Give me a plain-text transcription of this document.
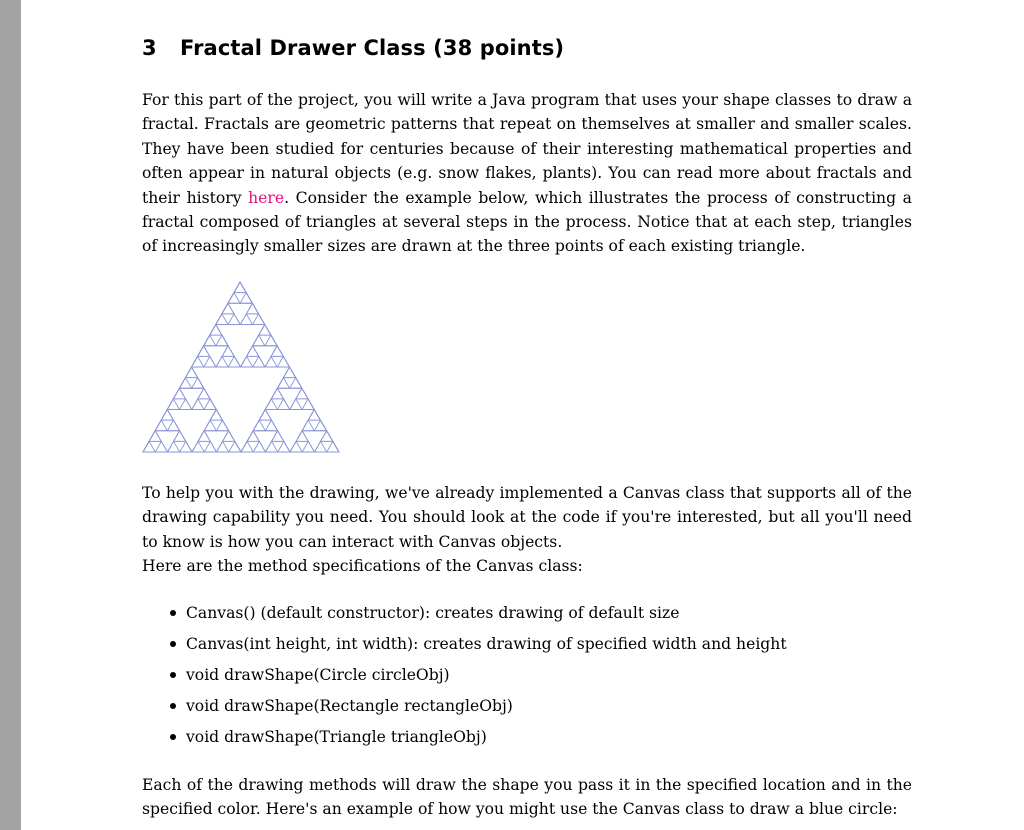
3 Fractal Drawer Class (38 points)

For this part of the project, you will write a Java program that uses your shape classes to draw a fractal. Fractals are geometric patterns that repeat on themselves at smaller and smaller scales. They have been studied for centuries because of their interesting mathematical properties and often appear in natural objects (e.g. snow flakes, plants). You can read more about fractals and their history here. Consider the example below, which illustrates the process of constructing a fractal composed of triangles at several steps in the process. Notice that at each step, triangles of increasingly smaller sizes are drawn at the three points of each existing triangle.

To help you with the drawing, we've already implemented a Canvas class that supports all of the drawing capability you need. You should look at the code if you're interested, but all you'll need to know is how you can interact with Canvas objects.
Here are the method specifications of the Canvas class:

Canvas() (default constructor): creates drawing of default size
Canvas(int height, int width): creates drawing of specified width and height
void drawShape(Circle circleObj)
void drawShape(Rectangle rectangleObj)
void drawShape(Triangle triangleObj)

Each of the drawing methods will draw the shape you pass it in the specified location and in the specified color. Here's an example of how you might use the Canvas class to draw a blue circle:
